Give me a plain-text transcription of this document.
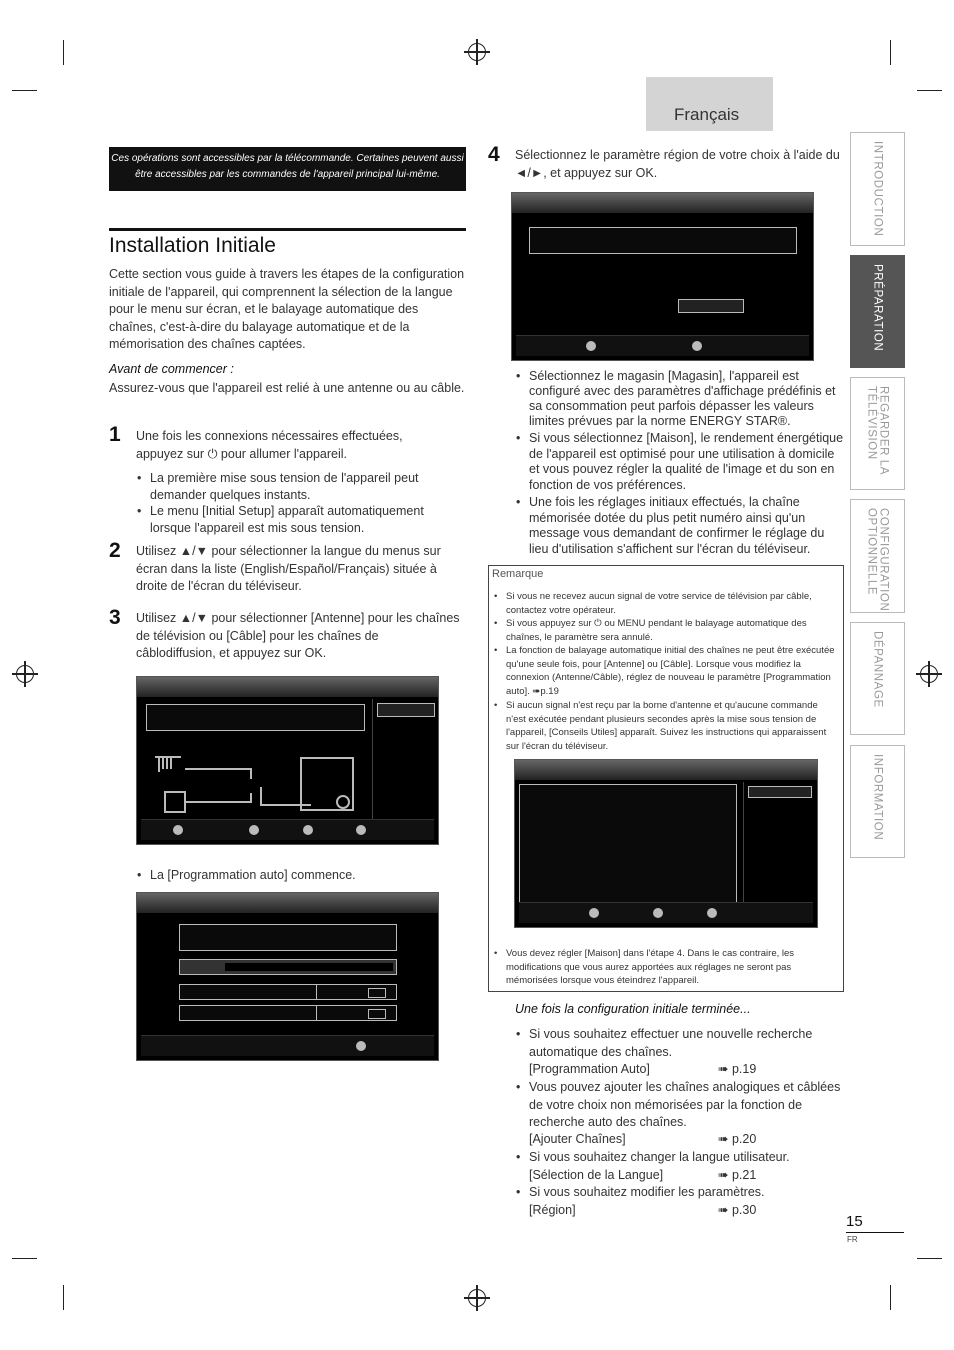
Français
INTRODUCTION
PRÉPARATION
REGARDER LA
TÉLÉVISION
CONFIGURATION
OPTIONNELLE
DÉPANNAGE
INFORMATION
Ces opérations sont accessibles par la télécommande. Certaines peuvent aussi être accessibles par les commandes de l'appareil principal lui-même.
Installation Initiale
Cette section vous guide à travers les étapes de la configuration initiale de l'appareil, qui comprennent la sélection de la langue pour le menu sur écran, et le balayage automatique des chaînes, c'est-à-dire du balayage automatique et de la mémorisation des chaînes captées.
Avant de commencer :
Assurez-vous que l'appareil est relié à une antenne ou au câble.
1 Une fois les connexions nécessaires effectuées, appuyez sur ⏻ pour allumer l'appareil.
• La première mise sous tension de l'appareil peut demander quelques instants.
• Le menu [Initial Setup] apparaît automatiquement lorsque l'appareil est mis sous tension.
2 Utilisez ▲/▼ pour sélectionner la langue du menus sur écran dans la liste (English/Español/Français) située à droite de l'écran du téléviseur.
3 Utilisez ▲/▼ pour sélectionner [Antenne] pour les chaînes de télévision ou [Câble] pour les chaînes de câblodiffusion, et appuyez sur OK.
• La [Programmation auto] commence.
4 Sélectionnez le paramètre région de votre choix à l'aide du ◄/►, et appuyez sur OK.
• Sélectionnez le magasin [Magasin], l'appareil est configuré avec des paramètres d'affichage prédéfinis et sa consommation peut parfois dépasser les valeurs limites prévues par la norme ENERGY STAR®.
• Si vous sélectionnez [Maison], le rendement énergétique de l'appareil est optimisé pour une utilisation à domicile et vous pouvez régler la qualité de l'image et du son en fonction de vos préférences.
• Une fois les réglages initiaux effectués, la chaîne mémorisée dotée du plus petit numéro ainsi qu'un message vous demandant de confirmer le réglage du lieu d'utilisation s'affichent sur l'écran du téléviseur.
Remarque
• Si vous ne recevez aucun signal de votre service de télévision par câble, contactez votre opérateur.
• Si vous appuyez sur ⏻ ou MENU pendant le balayage automatique des chaînes, le paramètre sera annulé.
• La fonction de balayage automatique initial des chaînes ne peut être exécutée qu'une seule fois, pour [Antenne] ou [Câble]. Lorsque vous modifiez la connexion (Antenne/Câble), réglez de nouveau le paramètre [Programmation auto]. ➠p.19
• Si aucun signal n'est reçu par la borne d'antenne et qu'aucune commande n'est exécutée pendant plusieurs secondes après la mise sous tension de l'appareil, [Conseils Utiles] apparaît. Suivez les instructions qui apparaissent sur l'écran du téléviseur.
• Vous devez régler [Maison] dans l'étape 4. Dans le cas contraire, les modifications que vous aurez apportées aux réglages ne seront pas mémorisées lorsque vous éteindrez l'appareil.
Une fois la configuration initiale terminée...
• Si vous souhaitez effectuer une nouvelle recherche automatique des chaînes.
[Programmation Auto]	➠ p.19
• Vous pouvez ajouter les chaînes analogiques et câblées de votre choix non mémorisées par la fonction de recherche auto des chaînes.
[Ajouter Chaînes]	➠ p.20
• Si vous souhaitez changer la langue utilisateur.
[Sélection de la Langue]	➠ p.21
• Si vous souhaitez modifier les paramètres.
[Région]	➠ p.30
15
FR
